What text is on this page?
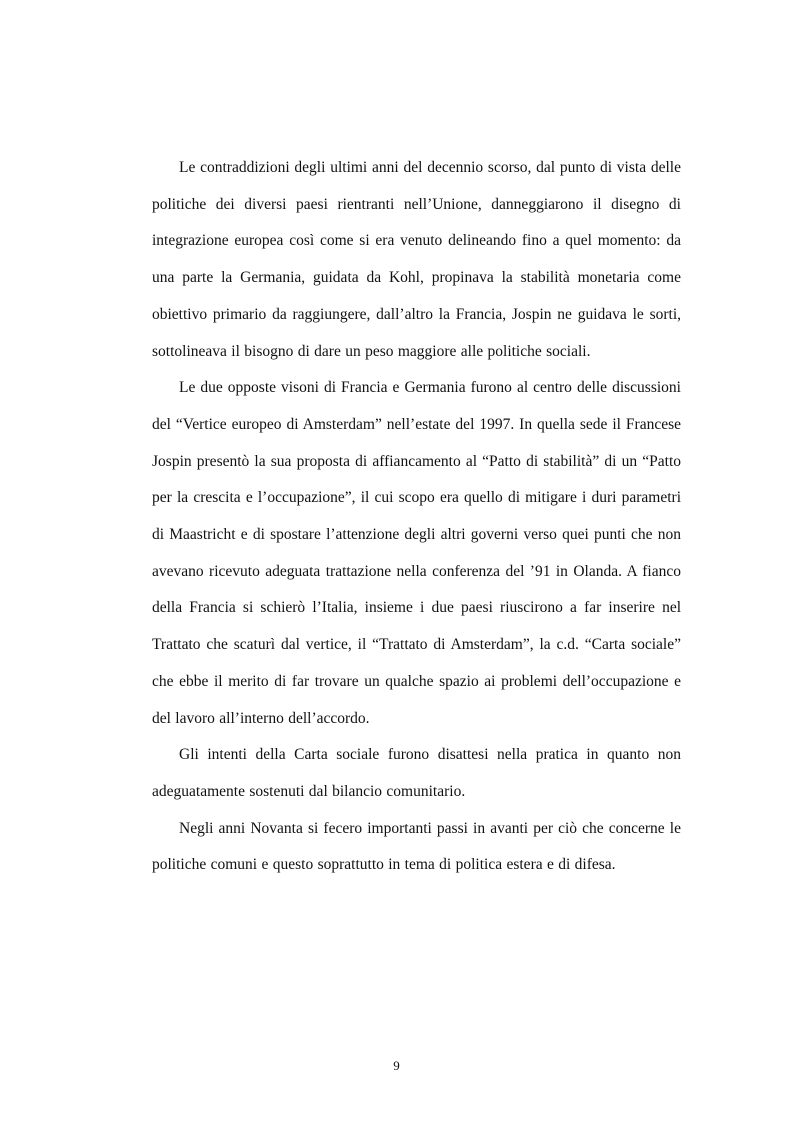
Le contraddizioni degli ultimi anni del decennio scorso, dal punto di vista delle politiche dei diversi paesi rientranti nell’Unione, danneggiarono il disegno di integrazione europea così come si era venuto delineando fino a quel momento: da una parte la Germania, guidata da Kohl, propinava la stabilità monetaria come obiettivo primario da raggiungere, dall’altro la Francia, Jospin ne guidava le sorti, sottolineava il bisogno di dare un peso maggiore alle politiche sociali.

Le due opposte visoni di Francia e Germania furono al centro delle discussioni del “Vertice europeo di Amsterdam” nell’estate del 1997. In quella sede il Francese Jospin presentò la sua proposta di affiancamento al “Patto di stabilità” di un “Patto per la crescita e l’occupazione”, il cui scopo era quello di mitigare i duri parametri di Maastricht e di spostare l’attenzione degli altri governi verso quei punti che non avevano ricevuto adeguata trattazione nella conferenza del ’91 in Olanda. A fianco della Francia si schierò l’Italia, insieme i due paesi riuscirono a far inserire nel Trattato che scaturì dal vertice, il “Trattato di Amsterdam”, la c.d. “Carta sociale” che ebbe il merito di far trovare un qualche spazio ai problemi dell’occupazione e del lavoro all’interno dell’accordo.

Gli intenti della Carta sociale furono disattesi nella pratica in quanto non adeguatamente sostenuti dal bilancio comunitario.

Negli anni Novanta si fecero importanti passi in avanti per ciò che concerne le politiche comuni e questo soprattutto in tema di politica estera e di difesa.

9
